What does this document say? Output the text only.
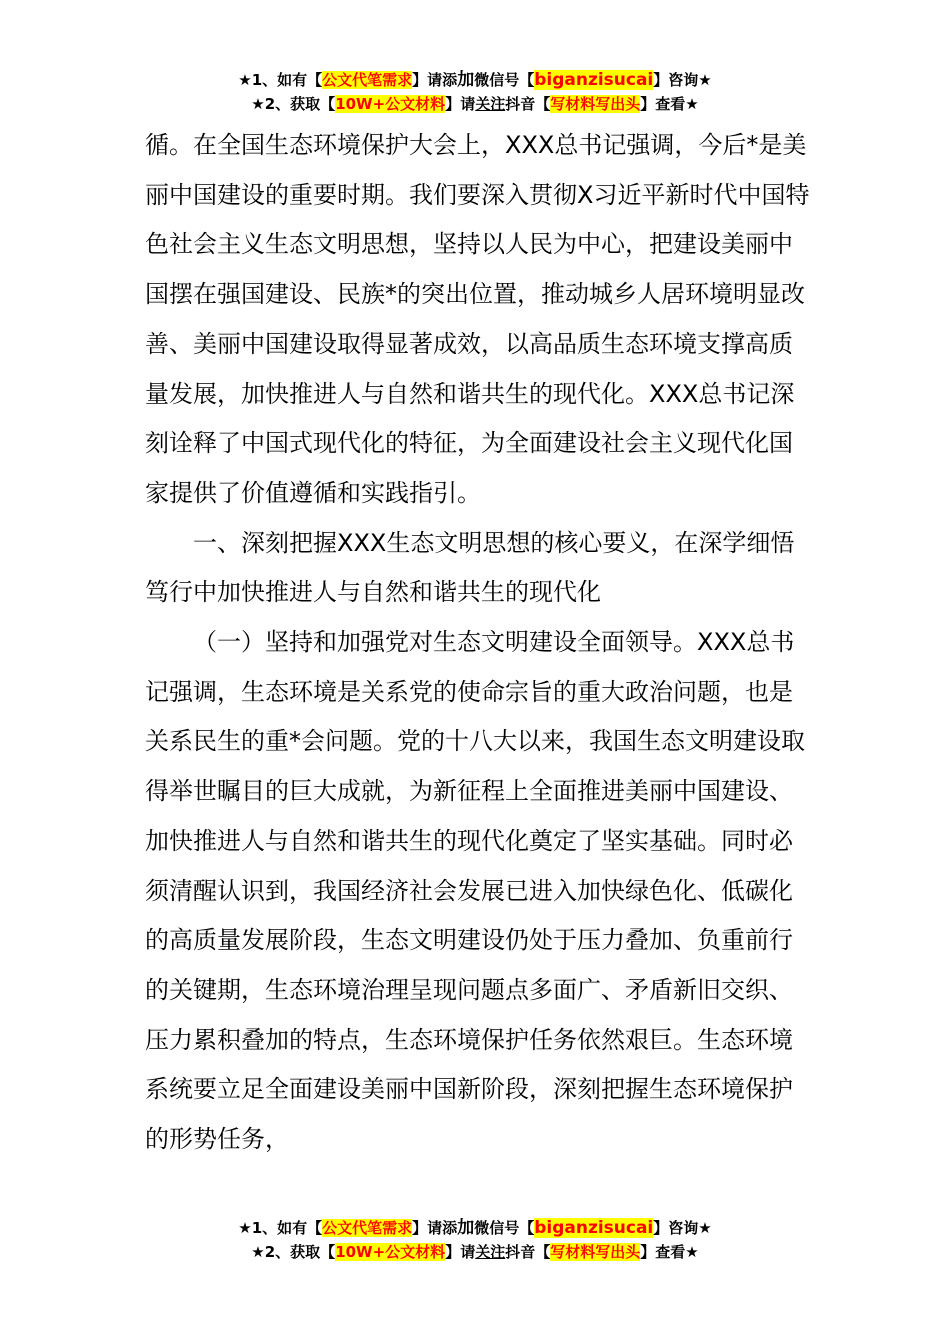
★1、如有【公文代笔需求】请添加微信号【biganzisucai】咨询★
★2、获取【10W+公文材料】请关注抖音【写材料写出头】查看★

循。在全国生态环境保护大会上，XXX总书记强调，今后*是美丽中国建设的重要时期。我们要深入贯彻X习近平新时代中国特色社会主义生态文明思想，坚持以人民为中心，把建设美丽中国摆在强国建设、民族*的突出位置，推动城乡人居环境明显改善、美丽中国建设取得显著成效，以高品质生态环境支撑高质量发展，加快推进人与自然和谐共生的现代化。XXX总书记深刻诠释了中国式现代化的特征，为全面建设社会主义现代化国家提供了价值遵循和实践指引。

一、深刻把握XXX生态文明思想的核心要义，在深学细悟笃行中加快推进人与自然和谐共生的现代化

（一）坚持和加强党对生态文明建设全面领导。XXX总书记强调，生态环境是关系党的使命宗旨的重大政治问题，也是关系民生的重*会问题。党的十八大以来，我国生态文明建设取得举世瞩目的巨大成就，为新征程上全面推进美丽中国建设、加快推进人与自然和谐共生的现代化奠定了坚实基础。同时必须清醒认识到，我国经济社会发展已进入加快绿色化、低碳化的高质量发展阶段，生态文明建设仍处于压力叠加、负重前行的关键期，生态环境治理呈现问题点多面广、矛盾新旧交织、压力累积叠加的特点，生态环境保护任务依然艰巨。生态环境系统要立足全面建设美丽中国新阶段，深刻把握生态环境保护的形势任务，

★1、如有【公文代笔需求】请添加微信号【biganzisucai】咨询★
★2、获取【10W+公文材料】请关注抖音【写材料写出头】查看★
